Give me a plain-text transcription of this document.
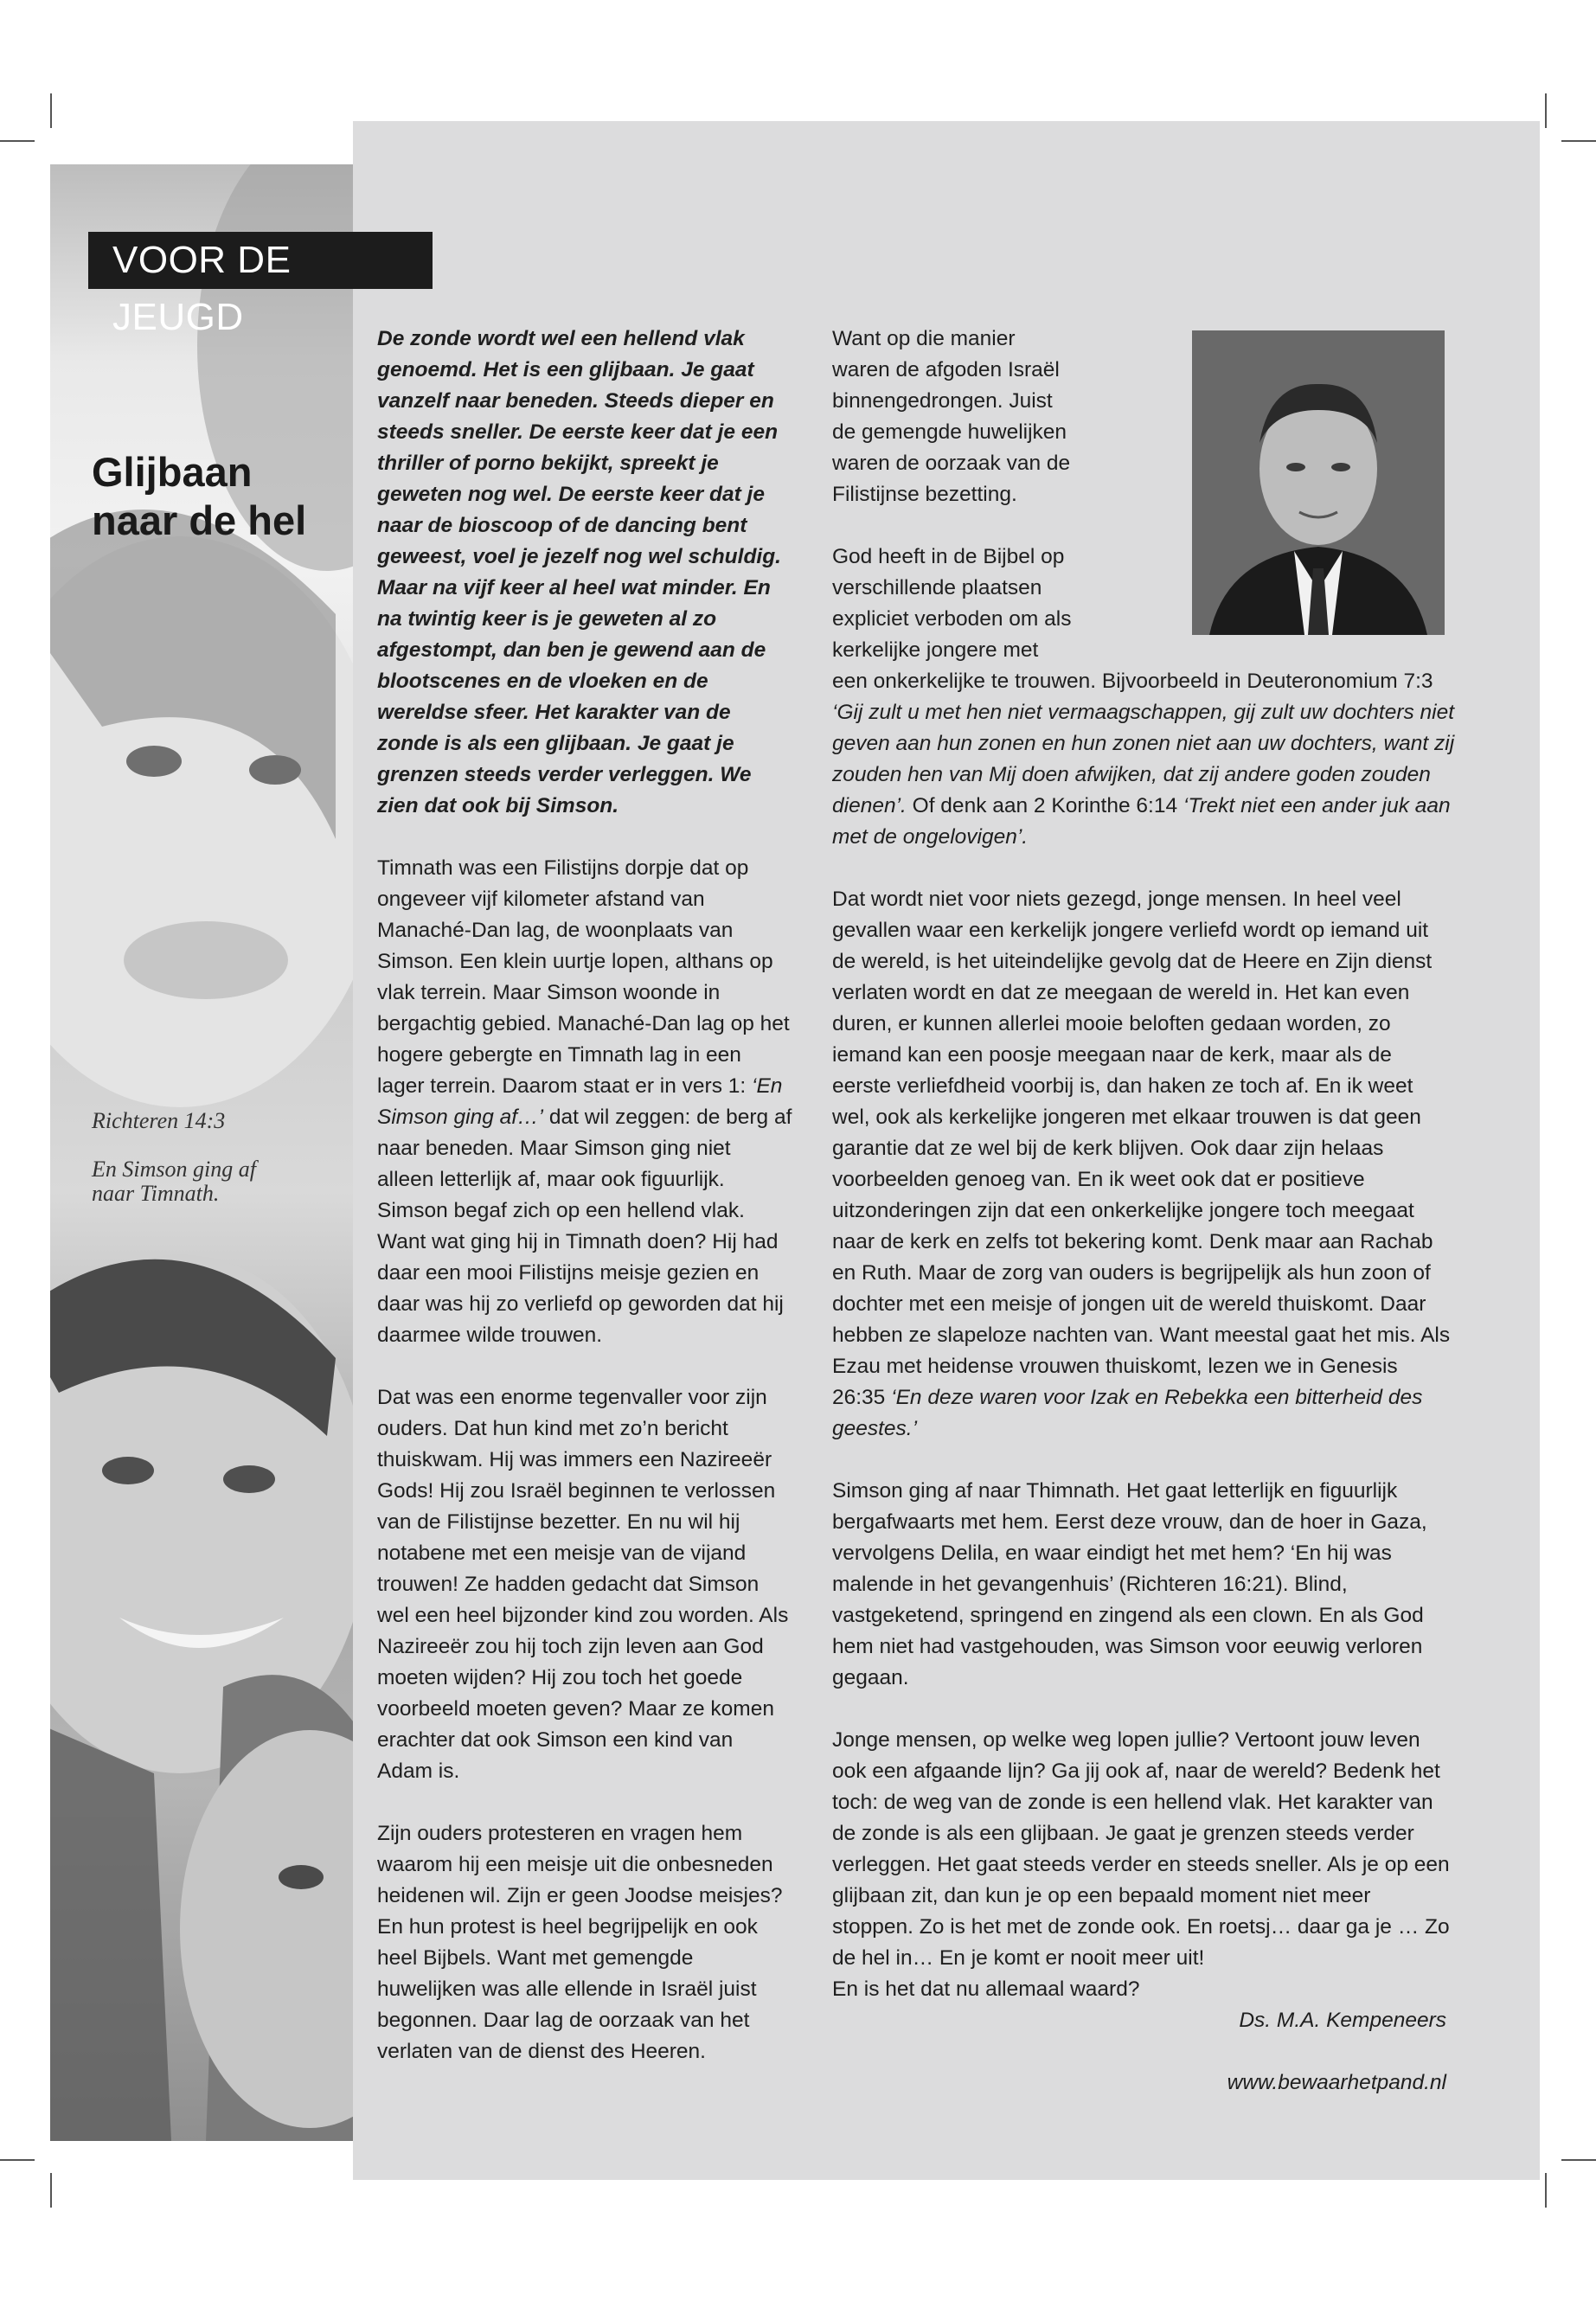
VOOR DE JEUGD
Glijbaan
naar de hel

Richteren 14:3

En Simson ging af naar Timnath.

De zonde wordt wel een hellend vlak genoemd. Het is een glijbaan. Je gaat vanzelf naar beneden. Steeds dieper en steeds sneller. De eerste keer dat je een thriller of porno bekijkt, spreekt je geweten nog wel. De eerste keer dat je naar de bioscoop of de dancing bent geweest, voel je jezelf nog wel schuldig. Maar na vijf keer al heel wat minder. En na twintig keer is je geweten al zo afgestompt, dan ben je gewend aan de blootscenes en de vloeken en de wereldse sfeer. Het karakter van de zonde is als een glijbaan. Je gaat je grenzen steeds verder verleggen. We zien dat ook bij Simson.

Timnath was een Filistijns dorpje dat op ongeveer vijf kilometer afstand van Manaché-Dan lag, de woonplaats van Simson. Een klein uurtje lopen, althans op vlak terrein. Maar Simson woonde in bergachtig gebied. Manaché-Dan lag op het hogere gebergte en Timnath lag in een lager terrein. Daarom staat er in vers 1: ‘En Simson ging af…’ dat wil zeggen: de berg af naar beneden. Maar Simson ging niet alleen letterlijk af, maar ook figuurlijk. Simson begaf zich op een hellend vlak. Want wat ging hij in Timnath doen? Hij had daar een mooi Filistijns meisje gezien en daar was hij zo verliefd op geworden dat hij daarmee wilde trouwen.

Dat was een enorme tegenvaller voor zijn ouders. Dat hun kind met zo’n bericht thuiskwam. Hij was immers een Nazireeër Gods! Hij zou Israël beginnen te verlossen van de Filistijnse bezetter. En nu wil hij notabene met een meisje van de vijand trouwen! Ze hadden gedacht dat Simson wel een heel bijzonder kind zou worden. Als Nazireeër zou hij toch zijn leven aan God moeten wijden? Hij zou toch het goede voorbeeld moeten geven? Maar ze komen erachter dat ook Simson een kind van Adam is.

Zijn ouders protesteren en vragen hem waarom hij een meisje uit die onbesneden heidenen wil. Zijn er geen Joodse meisjes? En hun protest is heel begrijpelijk en ook heel Bijbels. Want met gemengde huwelijken was alle ellende in Israël juist begonnen. Daar lag de oorzaak van het verlaten van de dienst des Heeren.

Want op die manier waren de afgoden Israël binnengedrongen. Juist de gemengde huwelijken waren de oorzaak van de Filistijnse bezetting.

God heeft in de Bijbel op verschillende plaatsen expliciet verboden om als kerkelijke jongere met een onkerkelijke te trouwen. Bijvoorbeeld in Deuteronomium 7:3
‘Gij zult u met hen niet vermaagschappen, gij zult uw dochters niet geven aan hun zonen en hun zonen niet aan uw dochters, want zij zouden hen van Mij doen afwijken, dat zij andere goden zouden dienen’. Of denk aan 2 Korinthe 6:14 ‘Trekt niet een ander juk aan met de ongelovigen’.

Dat wordt niet voor niets gezegd, jonge mensen. In heel veel gevallen waar een kerkelijk jongere verliefd wordt op iemand uit de wereld, is het uiteindelijke gevolg dat de Heere en Zijn dienst verlaten wordt en dat ze meegaan de wereld in. Het kan even duren, er kunnen allerlei mooie beloften gedaan worden, zo iemand kan een poosje meegaan naar de kerk, maar als de eerste verliefdheid voorbij is, dan haken ze toch af. En ik weet wel, ook als kerkelijke jongeren met elkaar trouwen is dat geen garantie dat ze wel bij de kerk blijven. Ook daar zijn helaas voorbeelden genoeg van. En ik weet ook dat er positieve uitzonderingen zijn dat een onkerkelijke jongere toch meegaat naar de kerk en zelfs tot bekering komt. Denk maar aan Rachab en Ruth. Maar de zorg van ouders is begrijpelijk als hun zoon of dochter met een meisje of jongen uit de wereld thuiskomt. Daar hebben ze slapeloze nachten van. Want meestal gaat het mis. Als Ezau met heidense vrouwen thuiskomt, lezen we in Genesis 26:35 ‘En deze waren voor Izak en Rebekka een bitterheid des geestes.’

Simson ging af naar Thimnath. Het gaat letterlijk en figuurlijk bergafwaarts met hem. Eerst deze vrouw, dan de hoer in Gaza, vervolgens Delila, en waar eindigt het met hem? ‘En hij was malende in het gevangenhuis’ (Richteren 16:21). Blind, vastgeketend, springend en zingend als een clown. En als God hem niet had vastgehouden, was Simson voor eeuwig verloren gegaan.

Jonge mensen, op welke weg lopen jullie? Vertoont jouw leven ook een afgaande lijn? Ga jij ook af, naar de wereld? Bedenk het toch: de weg van de zonde is een hellend vlak. Het karakter van de zonde is als een glijbaan. Je gaat je grenzen steeds verder verleggen. Het gaat steeds verder en steeds sneller. Als je op een glijbaan zit, dan kun je op een bepaald moment niet meer stoppen. Zo is het met de zonde ook. En roetsj… daar ga je … Zo de hel in… En je komt er nooit meer uit!
En is het dat nu allemaal waard?

Ds. M.A. Kempeneers

www.bewaarhetpand.nl
